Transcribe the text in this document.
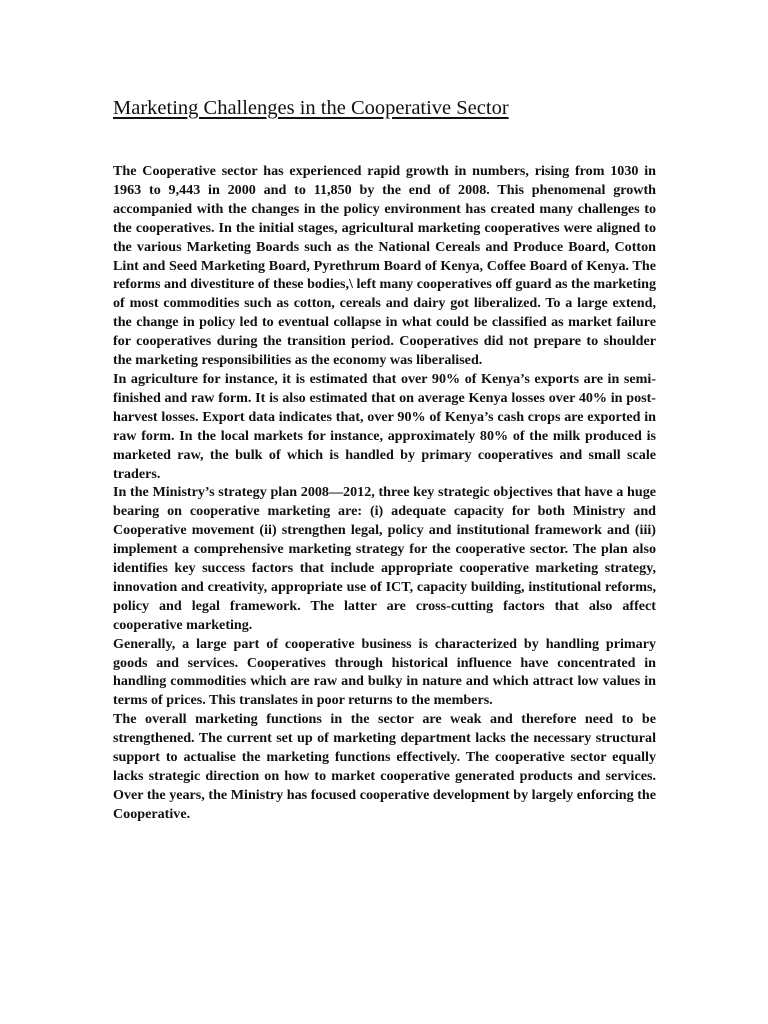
Marketing Challenges in the Cooperative Sector

The Cooperative sector has experienced rapid growth in numbers, rising from 1030 in 1963 to 9,443 in 2000 and to 11,850 by the end of 2008. This phenomenal growth accompanied with the changes in the policy environment has created many challenges to the cooperatives. In the initial stages, agricultural marketing cooperatives were aligned to the various Marketing Boards such as the National Cereals and Produce Board, Cotton Lint and Seed Marketing Board, Pyrethrum Board of Kenya, Coffee Board of Kenya. The reforms and divestiture of these bodies,\ left many cooperatives off guard as the marketing of most commodities such as cotton, cereals and dairy got liberalized. To a large extend, the change in policy led to eventual collapse in what could be classified as market failure for cooperatives during the transition period. Cooperatives did not prepare to shoulder the marketing responsibilities as the economy was liberalised.

In agriculture for instance, it is estimated that over 90% of Kenya’s exports are in semi-finished and raw form. It is also estimated that on average Kenya losses over 40% in post-harvest losses. Export data indicates that, over 90% of Kenya’s cash crops are exported in raw form. In the local markets for instance, approximately 80% of the milk produced is marketed raw, the bulk of which is handled by primary cooperatives and small scale traders.

In the Ministry’s strategy plan 2008—2012, three key strategic objectives that have a huge bearing on cooperative marketing are: (i) adequate capacity for both Ministry and Cooperative movement (ii) strengthen legal, policy and institutional framework and (iii) implement a comprehensive marketing strategy for the cooperative sector. The plan also identifies key success factors that include appropriate cooperative marketing strategy, innovation and creativity, appropriate use of ICT, capacity building, institutional reforms, policy and legal framework. The latter are cross-cutting factors that also affect cooperative marketing.

Generally, a large part of cooperative business is characterized by handling primary goods and services. Cooperatives through historical influence have concentrated in handling commodities which are raw and bulky in nature and which attract low values in terms of prices. This translates in poor returns to the members.

The overall marketing functions in the sector are weak and therefore need to be strengthened. The current set up of marketing department lacks the necessary structural support to actualise the marketing functions effectively. The cooperative sector equally lacks strategic direction on how to market cooperative generated products and services. Over the years, the Ministry has focused cooperative development by largely enforcing the Cooperative.
